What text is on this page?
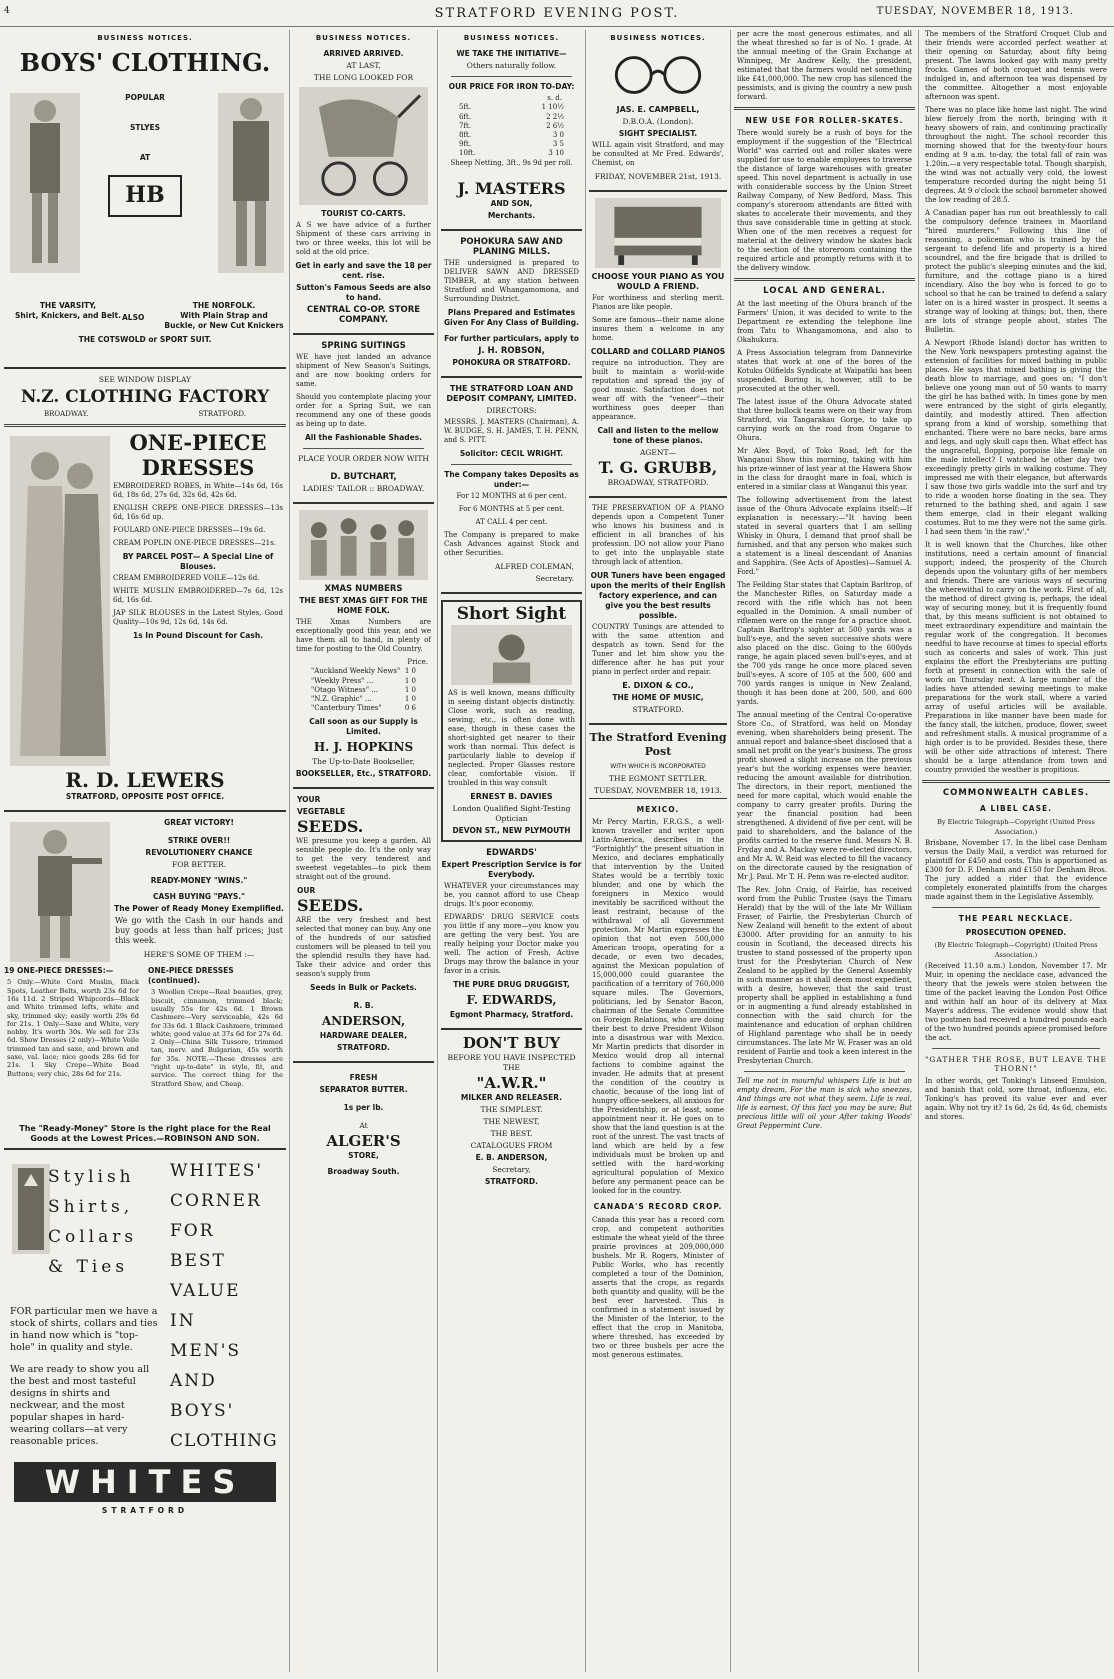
4	STRATFORD EVENING POST.	TUESDAY, NOVEMBER 18, 1913.
BUSINESS NOTICES.
BOYS' CLOTHING.
POPULAR
STLYES
AT
HB
THE VARSITY,
Shirt, Knickers, and Belt. ALSO
THE NORFOLK.
With Plain Strap and Buckle, or New Cut Knickers
THE COTSWOLD or SPORT SUIT.
SEE WINDOW DISPLAY
N.Z. CLOTHING FACTORY
BROADWAY.	STRATFORD.
ONE-PIECE
DRESSES
EMBROIDERED ROBES, in White—14s 6d, 16s 6d, 18s 6d, 27s 6d, 32s 6d, 42s 6d.
ENGLISH CREPE ONE-PIECE DRESSES—13s 6d, 16s 6d up.
FOULARD ONE-PIECE DRESSES—19s 6d.
CREAM POPLIN ONE-PIECE DRESSES—21s.
BY PARCEL POST— A Special Line of Blouses.
CREAM EMBROIDERED VOILE—12s 6d.
WHITE MUSLIN EMBROIDERED—7s 6d, 12s 6d, 16s 6d.
JAP SILK BLOUSES in the Latest Styles, Good Quality—10s 9d, 12s 6d, 14s 6d.
1s In Pound Discount for Cash.
R. D. LEWERS
STRATFORD, OPPOSITE POST OFFICE.
GREAT VICTORY!
STRIKE OVER!!
REVOLUTIONERY CHANCE
FOR BETTER.
READY-MONEY "WINS."
CASH BUYING "PAYS."
The Power of Ready Money Exemplified.
We go with the Cash in our hands and buy goods at less than half prices; just this week.
HERE'S SOME OF THEM :—
19 ONE-PIECE DRESSES:—
5 Only.—White Cord Muslin, Black Spots, Leather Belts, worth 23s 6d for 16s 11d. 2 Striped Whipcords—Black and White trimmed lefts, white and sky, trimmed sky; easily worth 29s 6d for 21s. 1 Only—Saxe and White, very nobby. It's worth 30s. We sell for 23s 6d. Show Dresses (2 only)—White Voile trimmed tan and saxe, and brown and saxe, val. lace; nice goods 28s 6d for 21s. 1 Sky Crepe—White Bead Buttons; very chic, 28s 6d for 21s.
ONE-PIECE DRESSES (continued).
3 Woollen Crepe—Real beauties, grey, biscuit, cinnamon, trimmed black; usually 55s for 42s 6d. 1 Brown Cashmere—Very serviceable, 42s 6d for 33s 6d. 1 Black Cashmere, trimmed white; good value at 37s 6d for 27s 6d. 2 Only—China Silk Tussore, trimmed tan, merv. and Bulgarian, 45s worth for 35s. NOTE.—These dresses are "right up-to-date" in style, fit, and service. The correct thing for the Stratford Show, and Cheap.
The "Ready-Money" Store is the right place for the Real Goods at the Lowest Prices.—ROBINSON AND SON.
Stylish
Shirts,
Collars
& Ties
WHITES'
CORNER
FOR
BEST
VALUE
IN
MEN'S
AND
BOYS'
CLOTHING
FOR particular men we have a stock of shirts, collars and ties in hand now which is "top-hole" in quality and style.
We are ready to show you all the best and most tasteful designs in shirts and neckwear, and the most popular shapes in hard-wearing collars—at very reasonable prices.
WHITES
STRATFORD
BUSINESS NOTICES.
ARRIVED ARRIVED.
AT LAST,
THE LONG LOOKED FOR
TOURIST CO-CARTS.
A S we have advice of a further Shipment of these cars arriving in two or three weeks, this lot will be sold at the old price.
Get in early and save the 18 per cent. rise.
Sutton's Famous Seeds are also to hand.
CENTRAL CO-OP. STORE COMPANY.
SPRING SUITINGS
WE have just landed an advance shipment of New Season's Suitings, and are now booking orders for same.
Should you contemplate placing your order for a Spring Suit, we can recommend any one of these goods as being up to date.
All the Fashionable Shades.
PLACE YOUR ORDER NOW WITH
D. BUTCHART,
LADIES' TAILOR :: BROADWAY.
XMAS NUMBERS
THE BEST XMAS GIFT FOR THE HOME FOLK.
THE Xmas Numbers are exceptionally good this year, and we have them all to hand, in plenty of time for posting to the Old Country.
Price.
"Auckland Weekly News" 1 0
"Weekly Press" ...	1 0
"Otago Witness" ...	1 0
"N.Z. Graphic" ...	1 0
"Canterbury Times"	0 6
Call soon as our Supply is Limited.
H. J. HOPKINS
The Up-to-Date Bookseller,
BOOKSELLER, Etc., STRATFORD.
YOUR
VEGETABLE
SEEDS.
WE presume you keep a garden. All sensible people do. It's the only way to get the very tenderest and sweetest vegetables—to pick them straight out of the ground.
OUR
SEEDS.
ARE the very freshest and best selected that money can buy. Any one of the hundreds of our satisfied customers will be pleased to tell you the splendid results they have had. Take their advice and order this season's supply from
Seeds in Bulk or Packets.
R. B.
ANDERSON,
HARDWARE DEALER,
STRATFORD.
FRESH
SEPARATOR BUTTER.
1s per lb.
At
ALGER'S
STORE,
Broadway South.
BUSINESS NOTICES.
WE TAKE THE INITIATIVE—
Others naturally follow.
OUR PRICE FOR IRON TO-DAY:
s. d.
5ft.	1 10½
6ft.	2 2½
7ft.	2 6½
8ft.	3 0
9ft.	3 5
10ft.	3 10
Sheep Netting, 3ft., 9s 9d per roll.
J. MASTERS
AND SON,
Merchants.
POHOKURA SAW AND PLANING MILLS.
THE undersigned is prepared to DELIVER SAWN AND DRESSED TIMBER, at any station between Stratford and Whangamomona, and Surrounding District.
Plans Prepared and Estimates Given For Any Class of Building.
For further particulars, apply to
J. H. ROBSON,
POHOKURA OR STRATFORD.
THE STRATFORD LOAN AND DEPOSIT COMPANY, LIMITED.
DIRECTORS:
MESSRS. J. MASTERS (Chairman), A. W. BUDGE, S. H. JAMES, T. H. PENN, and S. PITT.
Solicitor: CECIL WRIGHT.
The Company takes Deposits as under:—
For 12 MONTHS at 6 per cent.
For 6 MONTHS at 5 per cent.
AT CALL 4 per cent.
The Company is prepared to make Cash Advances against Stock and other Securities.
ALFRED COLEMAN,
Secretary.
Short Sight
AS is well known, means difficulty in seeing distant objects distinctly. Close work, such as reading, sewing, etc., is often done with ease, though in these cases the short-sighted get nearer to their work than normal. This defect is particularly liable to develop if neglected. Proper Glasses restore clear, comfortable vision. If troubled in this way consult
ERNEST B. DAVIES
London Qualified Sight-Testing Optician
DEVON ST., NEW PLYMOUTH
EDWARDS'
Expert Prescription Service is for Everybody.
WHATEVER your circumstances may be, you cannot afford to use Cheap drugs. It's poor economy.
EDWARDS' DRUG SERVICE costs you little if any more—you know you are getting the very best. You are really helping your Doctor make you well. The action of Fresh, Active Drugs may throw the balance in your favor in a crisis.
THE PURE DRUG DRUGGIST,
F. EDWARDS,
Egmont Pharmacy, Stratford.
DON'T BUY
BEFORE YOU HAVE INSPECTED THE
"A.W.R."
MILKER AND RELEASER.
THE SIMPLEST.
THE NEWEST,
THE BEST.
CATALOGUES FROM
E. B. ANDERSON,
Secretary,
STRATFORD.
BUSINESS NOTICES.
JAS. E. CAMPBELL,
D.B.O.A. (London).
SIGHT SPECIALIST.
WILL again visit Stratford, and may be consulted at Mr Fred. Edwards', Chemist, on
FRIDAY, NOVEMBER 21st, 1913.
CHOOSE YOUR PIANO AS YOU WOULD A FRIEND.
For worthiness and sterling merit. Pianos are like people.
Some are famous—their name alone insures them a welcome in any home.
COLLARD and COLLARD PIANOS
require no introduction. They are built to maintain a world-wide reputation and spread the joy of good music. Satisfaction does not wear off with the "veneer"—their worthiness goes deeper than appearance.
Call and listen to the mellow tone of these pianos.
AGENT—
T. G. GRUBB,
BROADWAY, STRATFORD.
THE PRESERVATION OF A PIANO depends upon a Competent Tuner who knows his business and is efficient in all branches of his profession. DO not allow your Piano to get into the unplayable state through lack of attention.
OUR Tuners have been engaged upon the merits of their English factory experience, and can give you the best results possible.
COUNTRY Tunings are attended to with the same attention and despatch as town. Send for the Tuner and let him show you the difference after he has put your piano in perfect order and repair.
E. DIXON & CO.,
THE HOME OF MUSIC,
STRATFORD.
The Stratford Evening Post
WITH WHICH IS INCORPORATED
THE EGMONT SETTLER.
TUESDAY, NOVEMBER 18, 1913.
MEXICO.
Mr Percy Martin, F.R.G.S., a well-known traveller and writer upon Latin-America, describes in the "Fortnightly" the present situation in Mexico, and declares emphatically that intervention by the United States would be a terribly toxic blunder, and one by which the foreigners in Mexico would inevitably be sacrificed without the least restraint, because of the withdrawal of all Government protection. Mr Martin expresses the opinion that not even 500,000 American troops, operating for a decade, or even two decades, against the Mexican population of 15,000,000 could guarantee the pacification of a territory of 760,000 square miles. The Governors, politicians, led by Senator Bacon, chairman of the Senate Committee on Foreign Relations, who are doing their best to drive President Wilson into a disastrous war with Mexico. Mr Martin predicts that disorder in Mexico would drop all internal factions to combine against the invader. He admits that at present the condition of the country is chaotic, because of the long list of hungry office-seekers, all anxious for the Presidentship, or at least, some appointment near it. He goes on to show that the land question is at the root of the unrest. The vast tracts of land which are held by a few individuals must be broken up and settled with the hard-working agricultural population of Mexico before any permanent peace can be looked for in the country.
CANADA'S RECORD CROP.
Canada this year has a record corn crop, and competent authorities estimate the wheat yield of the three prairie provinces at 209,000,000 bushels. Mr R. Rogers, Minister of Public Works, who has recently completed a tour of the Dominion, asserts that the crops, as regards both quantity and quality, will be the best ever harvested. This is confirmed in a statement issued by the Minister of the Interior, to the effect that the crop in Manitoba, where threshed, has exceeded by two or three bushels per acre the most generous estimates.
per acre the most generous estimates, and all the wheat threshed so far is of No. 1 grade. At the annual meeting of the Grain Exchange at Winnipeg, Mr Andrew Kelly, the president, estimated that the farmers would net something like £41,000,000. The new crop has silenced the pessimists, and is giving the country a new push forward.
NEW USE FOR ROLLER-SKATES.
There would surely be a rush of boys for the employment if the suggestion of the "Electrical World" was carried out and roller skates were supplied for use to enable employees to traverse the distance of large warehouses with greater speed. This novel department is actually in use with considerable success by the Union Street Railway Company, of New Bedford, Mass. This company's storeroom attendants are fitted with skates to accelerate their movements, and they thus save considerable time in getting at stock. When one of the men receives a request for material at the delivery window he skates back to the section of the storeroom containing the required article and promptly returns with it to the delivery window.
LOCAL AND GENERAL.
At the last meeting of the Ohura branch of the Farmers' Union, it was decided to write to the Department re extending the telephone line from Tatu to Whangamomona, and also to Okahukura.
A Press Association telegram from Dannevirke states that work at one of the bores of the Kotuku Oilfields Syndicate at Waipatiki has been suspended. Boring is, however, still to be prosecuted at the other well.
The latest issue of the Ohura Advocate stated that three bullock teams were on their way from Stratford, via Tangarakau Gorge, to take up carrying work on the road from Ongarue to Ohura.
Mr Alex Boyd, of Toko Road, left for the Wanganui Show this morning, taking with him his prize-winner of last year at the Hawera Show in the class for draught mare in foal, which is entered in a similar class at Wanganui this year.
The following advertisement from the latest issue of the Ohura Advocate explains itself:—If explanation is necessary:—"It having been stated in several quarters that I am selling Whisky in Ohura, I demand that proof shall be furnished, and that any person who makes such a statement is a lineal descendant of Ananias and Sapphira. (See Acts of Apostles)—Samuel A. Ford."
The Feilding Star states that Captain Barltrop, of the Manchester Rifles, on Saturday made a record with the rifle which has not been equalled in the Dominion. A small number of riflemen were on the range for a practice shoot. Captain Barltrop's sighter at 500 yards was a bull's-eye, and the seven successive shots were also placed on the disc. Going to the 600yds range, he again placed seven bull's-eyes, and at the 700 yds range he once more placed seven bull's-eyes. A score of 105 at the 500, 600 and 700 yards ranges is unique in New Zealand, though it has been done at 200, 500, and 600 yards.
The annual meeting of the Central Co-operative Store Co., of Stratford, was held on Monday evening, when shareholders being present. The annual report and balance-sheet disclosed that a small net profit on the year's business. The gross profit showed a slight increase on the previous year's but the working expenses were heavier, reducing the amount available for distribution. The directors, in their report, mentioned the need for more capital, which would enable the company to carry greater profits. During the year the financial position had been strengthened. A dividend of five per cent. will be paid to shareholders, and the balance of the profits carried to the reserve fund. Messrs N. B. Fryday and A. Mackay were re-elected directors, and Mr A. W. Reid was elected to fill the vacancy on the directorate caused by the resignation of Mr J. Paul. Mr T. H. Penn was re-elected auditor.
The Rev. John Craig, of Fairlie, has received word from the Public Trustee (says the Timaru Herald) that by the will of the late Mr William Fraser, of Fairlie, the Presbyterian Church of New Zealand will benefit to the extent of about £3000. After providing for an annuity to his cousin in Scotland, the deceased directs his trustee to stand possessed of the property upon trust for the Presbyterian Church of New Zealand to be applied by the General Assembly in such manner as it shall deem most expedient, with a desire, however, that the said trust property shall be applied in establishing a fund or in augmenting a fund already established in connection with the said church for the maintenance and education of orphan children of Highland parentage who shall be in needy circumstances. The late Mr W. Fraser was an old resident of Fairlie and took a keen interest in the Presbyterian Church.
Tell me not in mournful whispers Life is but an empty dream, For the man is sick who sneezes, And things are not what they seem. Life is real, life is earnest, Of this fact you may be sure; But precious little will oil your After taking Woods' Great Peppermint Cure.
The members of the Stratford Croquet Club and their friends were accorded perfect weather at their opening on Saturday, about fifty being present. The lawns looked gay with many pretty frocks. Games of both croquet and tennis were indulged in, and afternoon tea was dispensed by the committee. Altogether a most enjoyable afternoon was spent.
There was no place like home last night. The wind blew fiercely from the north, bringing with it heavy showers of rain, and continuing practically throughout the night. The school recorder this morning showed that for the twenty-four hours ending at 9 a.m. to-day, the total fall of rain was 1.20in.—a very respectable total. Though sharpish, the wind was not actually very cold, the lowest temperature recorded during the night being 51 degrees. At 9 o'clock the school barometer showed the low reading of 28.5.
A Canadian paper has run out breathlessly to call the compulsory defence trainees in Maoriland "hired murderers." Following this line of reasoning, a policeman who is trained by the sergeant to defend life and property is a hired scoundrel, and the fire brigade that is drilled to protect the public's sleeping minutes and the kid, furniture, and the cottage piano is a hired incendiary. Also the boy who is forced to go to school so that he can be trained to defend a salary later on is a hired waster in prospect. It seems a strange way of looking at things; but, then, there are lots of strange people about, states The Bulletin.
A Newport (Rhode Island) doctor has written to the New York newspapers protesting against the extension of facilities for mixed bathing in public places. He says that mixed bathing is giving the death blow to marriage, and goes on: "I don't believe one young man out of 50 wants to marry the girl he has bathed with. In times gone by men were entranced by the sight of girls elegantly, daintily, and modestly attired. Then affection sprang from a kind of worship, something that enchanted. There were no bare necks, bare arms and legs, and ugly skull caps then. What effect has the ungraceful, flopping, porpoise like female on the male intellect? I watched he other day two exceedingly pretty girls in walking costume. They impressed me with their elegance, but afterwards I saw those two girls waddle into the surf and try to ride a wooden horse floating in the sea. They returned to the bathing shed, and again I saw them emerge, clad in their elegant walking costumes. But to me they were not the same girls. I had seen them 'in the raw'."
It is well known that the Churches, like other institutions, need a certain amount of financial support; indeed, the prosperity of the Church depends upon the voluntary gifts of her members and friends. There are various ways of securing the wherewithal to carry on the work. First of all, the method of direct giving is, perhaps, the ideal way of securing money, but it is frequently found that, by this means sufficient is not obtained to meet extraordinary expenditure and maintain the regular work of the congregation. It becomes needful to have recourse at times to special efforts such as concerts and sales of work. This just explains the effort the Presbyterians are putting forth at present in connection with the sale of work on Thursday next. A large number of the ladies have attended sewing meetings to make preparations for the work stall, where a varied array of useful articles will be available. Preparations in like manner have been made for the fancy stall, the kitchen, produce, flower, sweet and refreshment stalls. A musical programme of a high order is to be provided. Besides these, there will be other side attractions of interest. There should be a large attendance from town and country provided the weather is propitious.
COMMONWEALTH CABLES.
A LIBEL CASE.
By Electric Telegraph—Copyright (United Press Association.)
Brisbane, November 17. In the libel case Denham versus the Daily Mail, a verdict was returned for plaintiff for £450 and costs. This is apportioned as £300 for D. F. Denham and £150 for Denham Bros. The jury added a rider that the evidence completely exonerated plaintiffs from the charges made against them in the Legislative Assembly.
THE PEARL NECKLACE.
PROSECUTION OPENED.
(By Electric Telegraph—Copyright) (United Press Association.)
(Received 11.10 a.m.) London, November 17. Mr Muir, in opening the necklace case, advanced the theory that the jewels were stolen between the time of the packet leaving the London Post Office and within half an hour of its delivery at Max Mayer's address. The evidence would show that two postmen had received a hundred pounds each of the two hundred pounds apiece promised before the act.
"GATHER THE ROSE, BUT LEAVE THE THORN!"
In other words, get Tonking's Linseed Emulsion, and banish that cold, sore throat, influenza, etc. Tonking's has proved its value ever and ever again. Why not try it? 1s 6d, 2s 6d, 4s 6d, chemists and stores.
